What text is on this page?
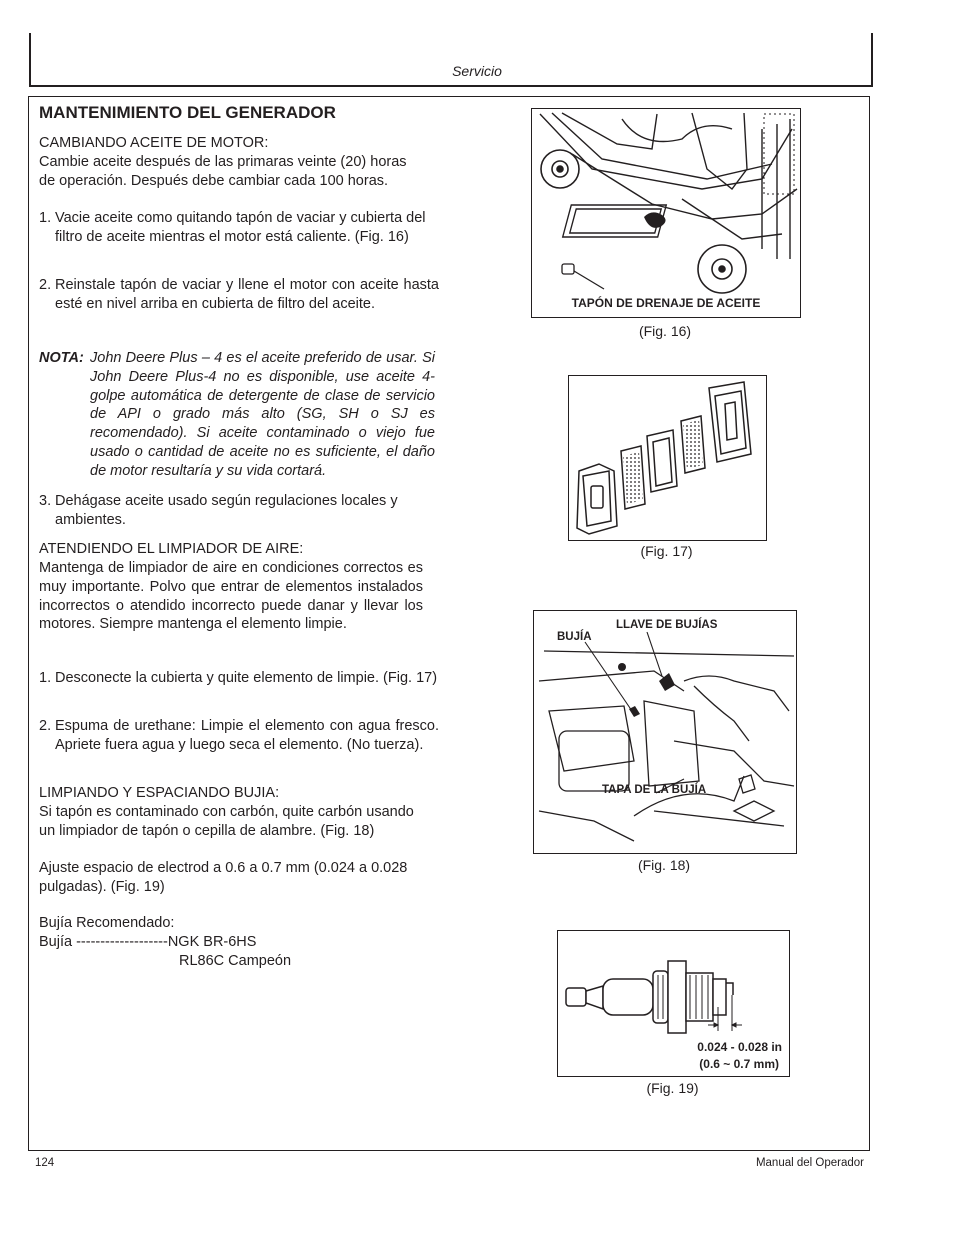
Servicio
MANTENIMIENTO DEL GENERADOR
CAMBIANDO ACEITE DE MOTOR:
Cambie aceite después de las primaras veinte (20) horas de operación. Después debe cambiar cada 100 horas.
1. Vacie aceite como quitando tapón de vaciar y cubierta del filtro de aceite mientras el motor está caliente. (Fig. 16)
2. Reinstale tapón de vaciar y llene el motor con aceite hasta esté en nivel arriba en cubierta de filtro del aceite.
NOTA: John Deere Plus – 4 es el aceite preferido de usar. Si John Deere Plus-4 no es disponible, use aceite 4-golpe automática de detergente de clase de servicio de API o grado más alto (SG, SH o SJ es recomendado). Si aceite contaminado o viejo fue usado o cantidad de aceite no es suficiente, el daño de motor resultaría y su vida cortará.
3. Dehágase aceite usado según regulaciones locales y ambientes.
ATENDIENDO EL LIMPIADOR DE AIRE:
Mantenga de limpiador de aire en condiciones correctos es muy importante. Polvo que entrar de elementos instalados incorrectos o atendido incorrecto puede danar y llevar los motores. Siempre mantenga el elemento limpie.
1. Desconecte la cubierta y quite elemento de limpie. (Fig. 17)
2. Espuma de urethane: Limpie el elemento con agua fresco. Apriete fuera agua y luego seca el elemento. (No tuerza).
LIMPIANDO Y ESPACIANDO BUJIA:
Si tapón es contaminado con carbón, quite carbón usando un limpiador de tapón o cepilla de alambre. (Fig. 18)
Ajuste espacio de electrod a 0.6 a 0.7 mm (0.024 a 0.028 pulgadas). (Fig. 19)
Bujía Recomendado:
Bujía -------------------NGK BR-6HS
RL86C Campeón
TAPÓN DE DRENAJE DE ACEITE
(Fig. 16)
(Fig. 17)
LLAVE DE BUJÍAS
BUJÍA
TAPA DE LA BUJÍA
(Fig. 18)
0.024 - 0.028 in
(0.6 ~ 0.7 mm)
(Fig. 19)
124	Manual del Operador
